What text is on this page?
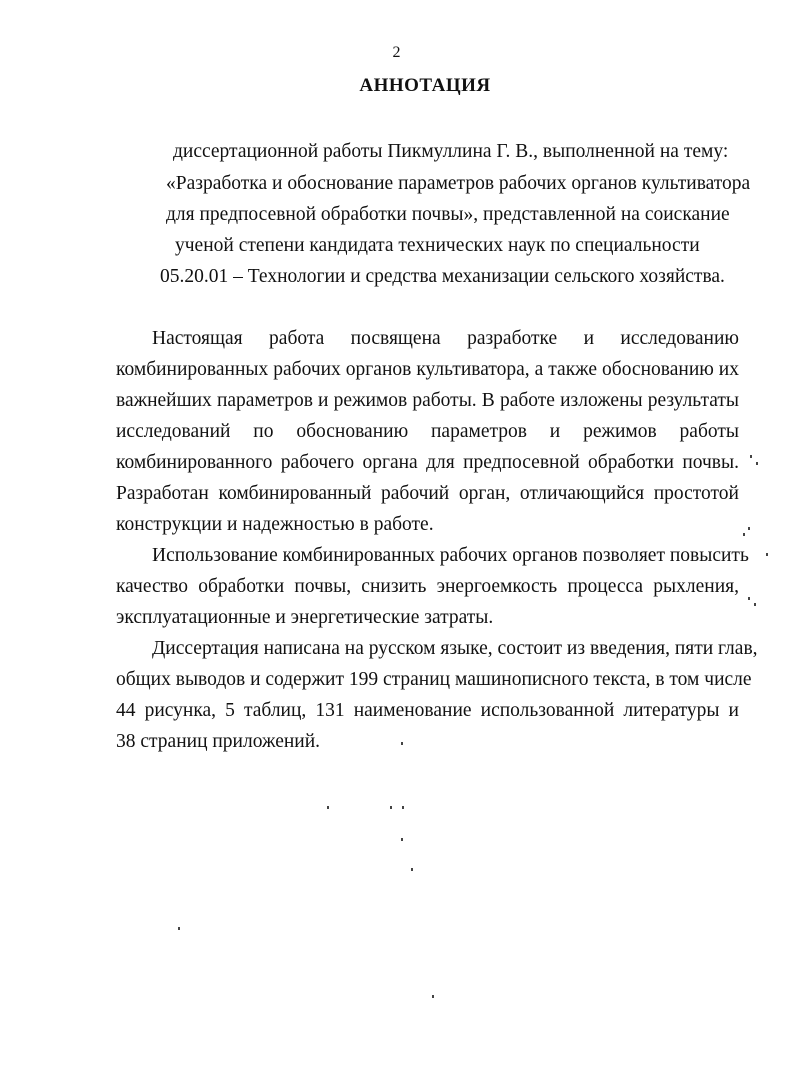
2
АННОТАЦИЯ
диссертационной работы Пикмуллина Г. В., выполненной на тему:
«Разработка и обоснование параметров рабочих органов культиватора
для предпосевной обработки почвы», представленной на соискание
ученой степени кандидата технических наук по специальности
05.20.01 – Технологии и средства механизации сельского хозяйства.
Настоящая работа посвящена разработке и исследованию
комбинированных рабочих органов культиватора, а также обоснованию их
важнейших параметров и режимов работы. В работе изложены результаты
исследований по обоснованию параметров и режимов работы
комбинированного рабочего органа для предпосевной обработки почвы.
Разработан комбинированный рабочий орган, отличающийся простотой
конструкции и надежностью в работе.
Использование комбинированных рабочих органов позволяет повысить
качество обработки почвы, снизить энергоемкость процесса рыхления,
эксплуатационные и энергетические затраты.
Диссертация написана на русском языке, состоит из введения, пяти глав,
общих выводов и содержит 199 страниц машинописного текста, в том числе
44 рисунка, 5 таблиц, 131 наименование использованной литературы и
38 страниц приложений.
